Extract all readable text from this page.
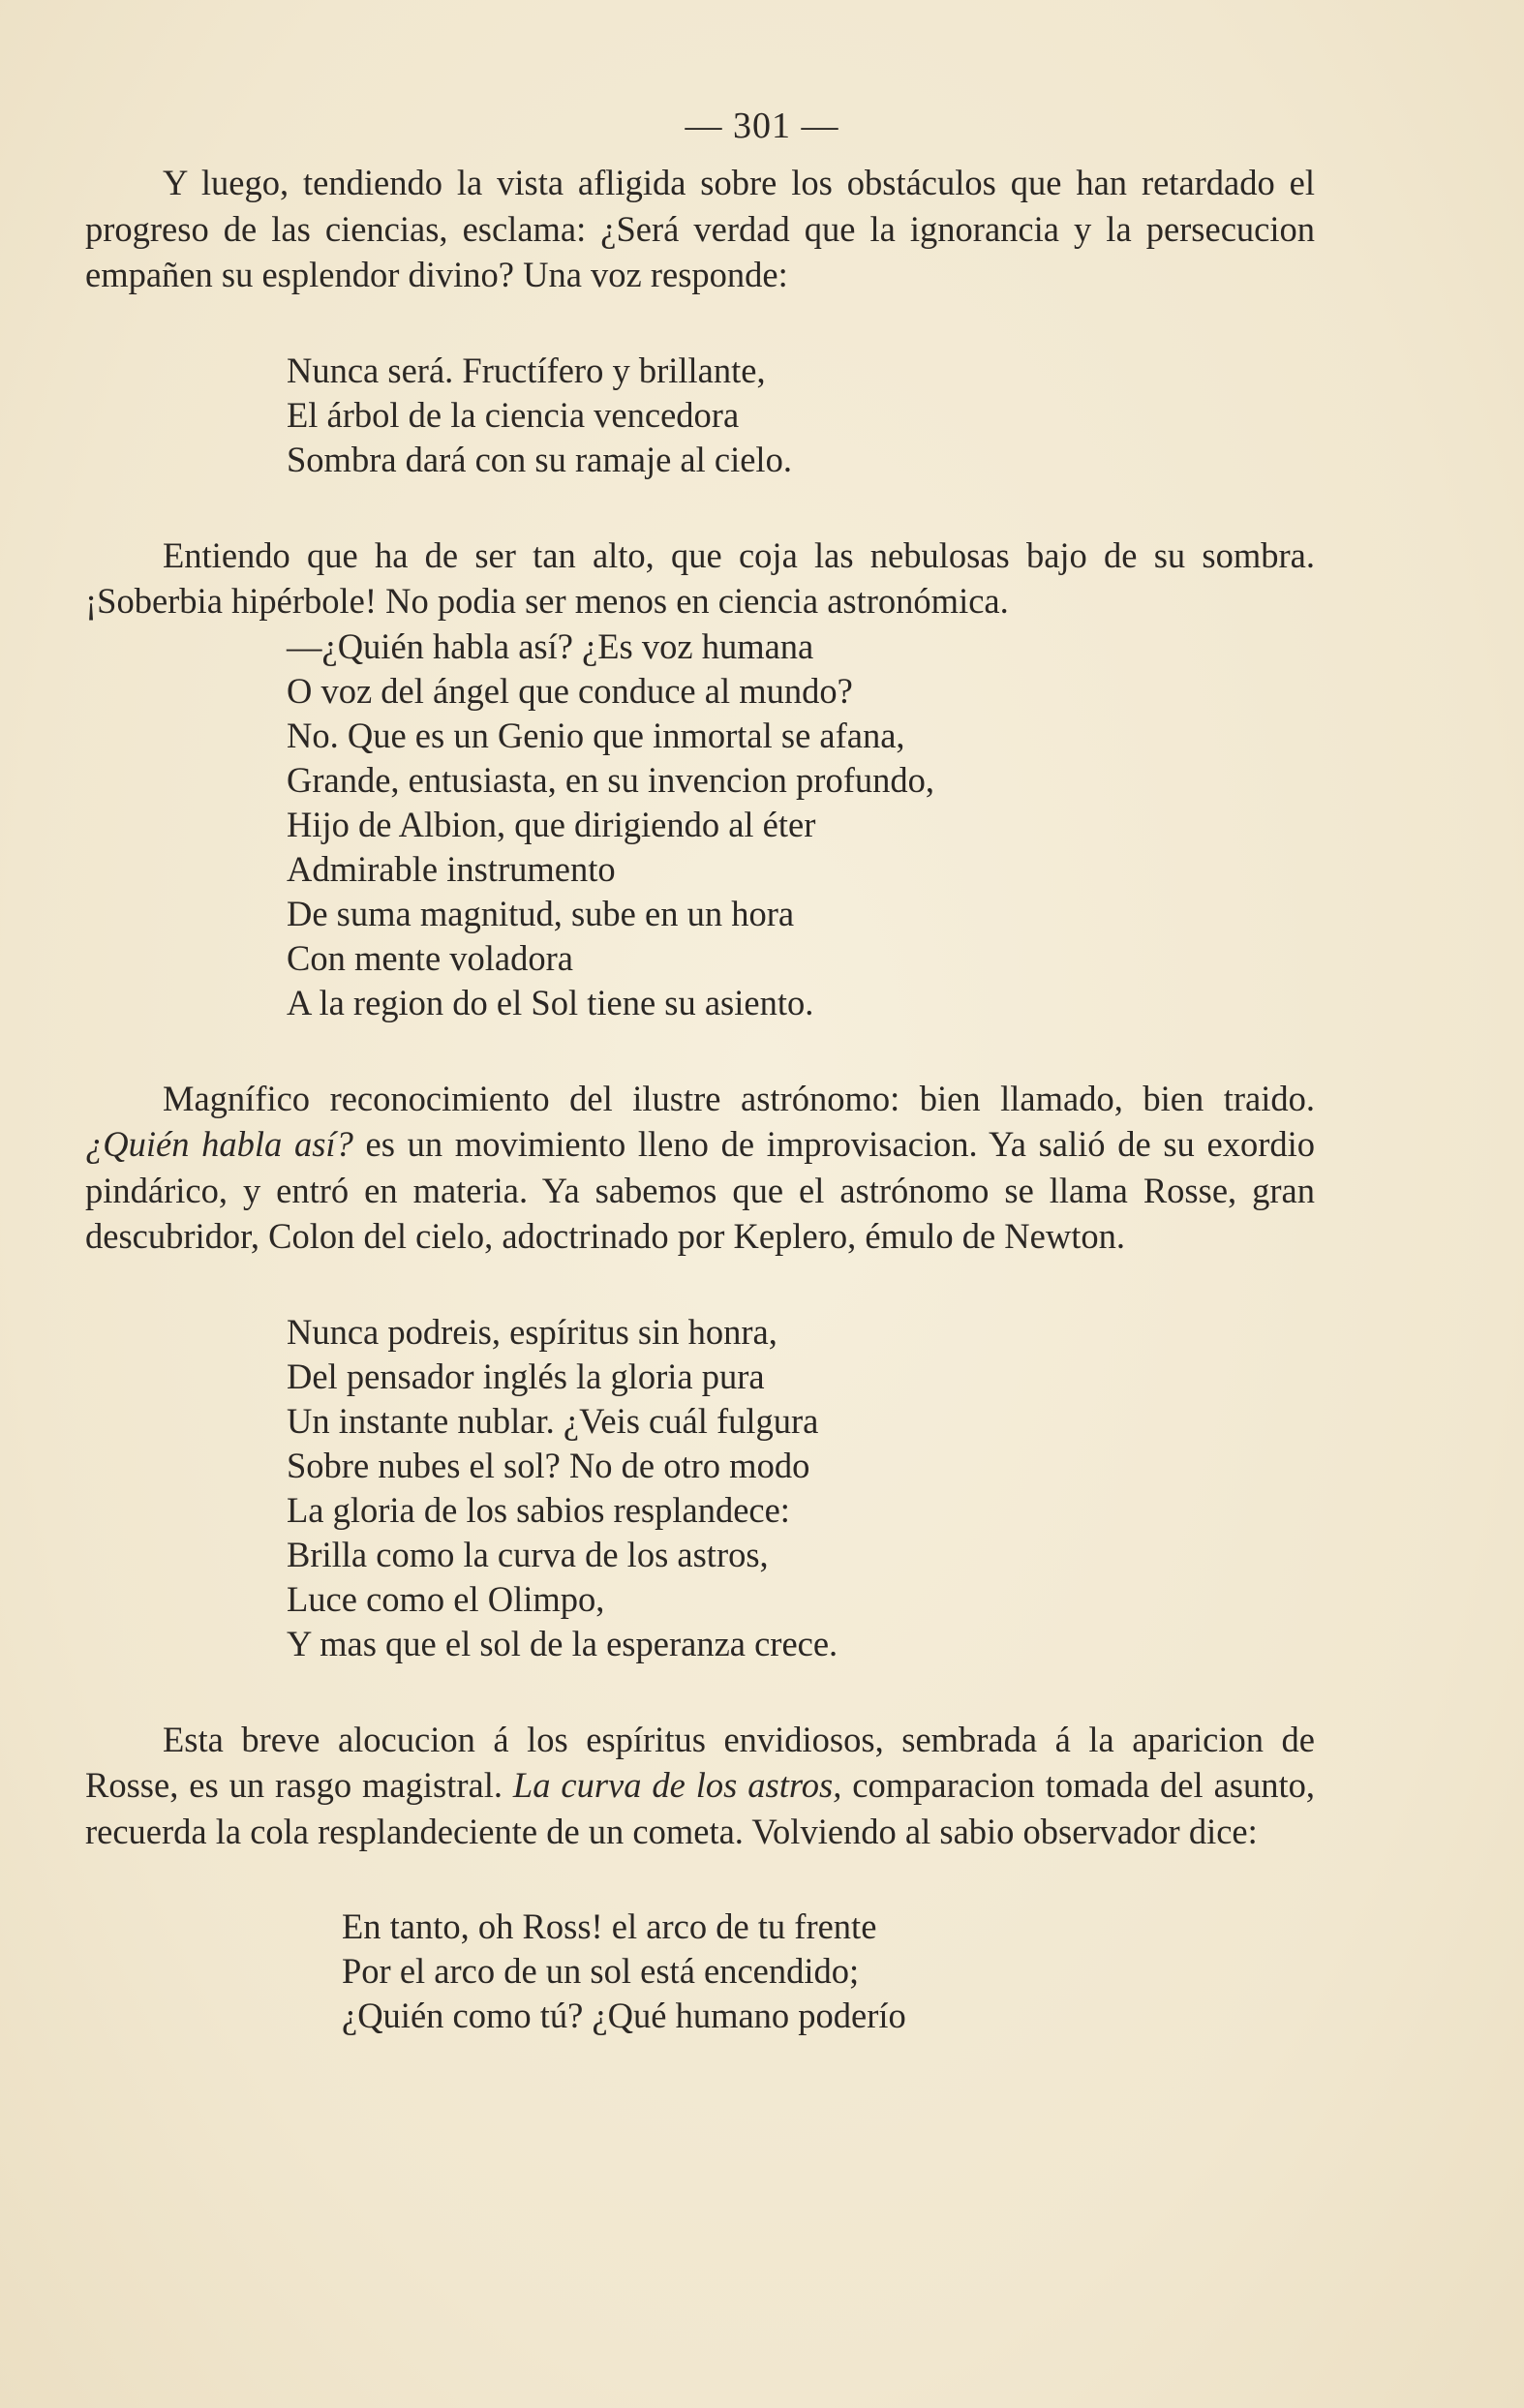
— 301 —

Y luego, tendiendo la vista afligida sobre los obstáculos que han retardado el progreso de las ciencias, esclama: ¿Será verdad que la ignorancia y la persecucion empañen su esplendor divino? Una voz responde:

Nunca será. Fructífero y brillante,
El árbol de la ciencia vencedora
Sombra dará con su ramaje al cielo.

Entiendo que ha de ser tan alto, que coja las nebulosas bajo de su sombra. ¡Soberbia hipérbole! No podia ser menos en ciencia astronómica.

—¿Quién habla así? ¿Es voz humana
O voz del ángel que conduce al mundo?
No. Que es un Genio que inmortal se afana,
Grande, entusiasta, en su invencion profundo,
Hijo de Albion, que dirigiendo al éter
Admirable instrumento
De suma magnitud, sube en un hora
Con mente voladora
A la region do el Sol tiene su asiento.

Magnífico reconocimiento del ilustre astrónomo: bien llamado, bien traido. ¿Quién habla así? es un movimiento lleno de improvisacion. Ya salió de su exordio pindárico, y entró en materia. Ya sabemos que el astrónomo se llama Rosse, gran descubridor, Colon del cielo, adoctrinado por Keplero, émulo de Newton.

Nunca podreis, espíritus sin honra,
Del pensador inglés la gloria pura
Un instante nublar. ¿Veis cuál fulgura
Sobre nubes el sol? No de otro modo
La gloria de los sabios resplandece:
Brilla como la curva de los astros,
Luce como el Olimpo,
Y mas que el sol de la esperanza crece.

Esta breve alocucion á los espíritus envidiosos, sembrada á la aparicion de Rosse, es un rasgo magistral. La curva de los astros, comparacion tomada del asunto, recuerda la cola resplandeciente de un cometa. Volviendo al sabio observador dice:

En tanto, oh Ross! el arco de tu frente
Por el arco de un sol está encendido;
¿Quién como tú? ¿Qué humano poderío
